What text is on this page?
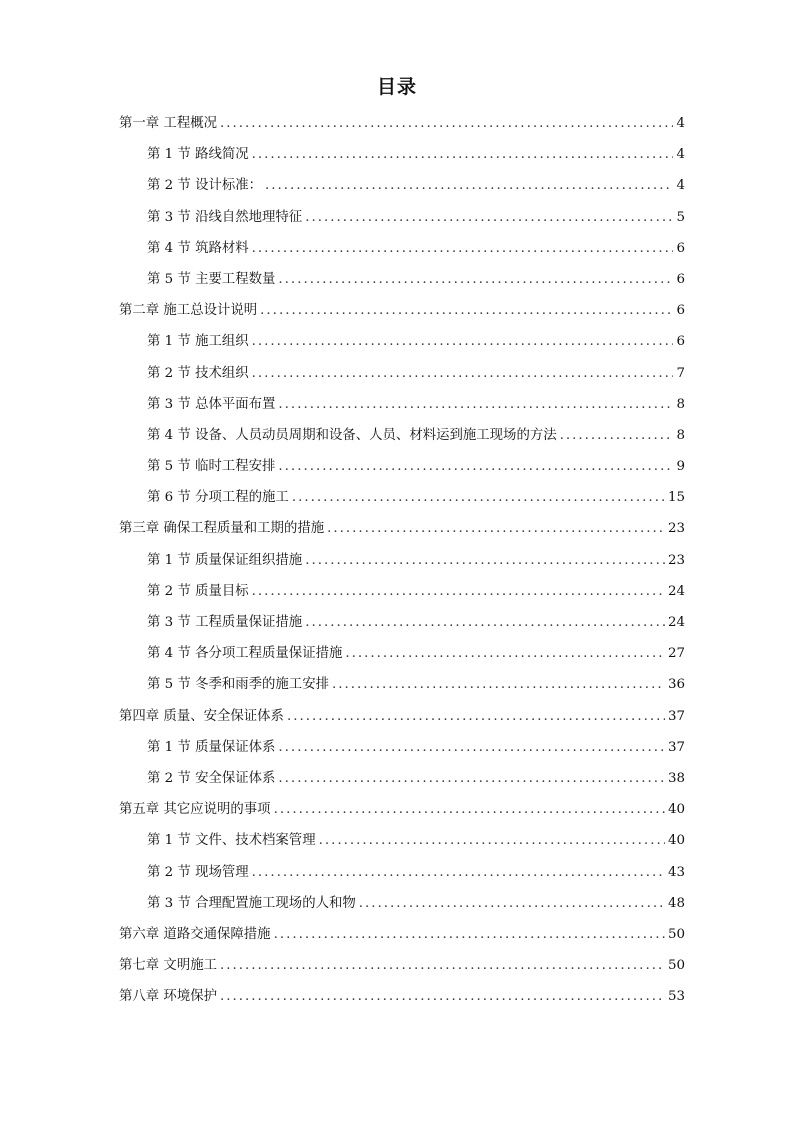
目录
第一章 工程概况 .....	4
第 1 节 路线简况 .....	4
第 2 节 设计标准： .....	4
第 3 节 沿线自然地理特征 .....	5
第 4 节 筑路材料 .....	6
第 5 节 主要工程数量 .....	6
第二章 施工总设计说明 .....	6
第 1 节 施工组织 .....	6
第 2 节 技术组织 .....	7
第 3 节 总体平面布置 .....	8
第 4 节 设备、人员动员周期和设备、人员、材料运到施工现场的方法 .....	8
第 5 节 临时工程安排 .....	9
第 6 节 分项工程的施工 .....	15
第三章 确保工程质量和工期的措施 .....	23
第 1 节 质量保证组织措施 .....	23
第 2 节 质量目标 .....	24
第 3 节 工程质量保证措施 .....	24
第 4 节 各分项工程质量保证措施 .....	27
第 5 节 冬季和雨季的施工安排 .....	36
第四章 质量、安全保证体系 .....	37
第 1 节 质量保证体系 .....	37
第 2 节 安全保证体系 .....	38
第五章 其它应说明的事项 .....	40
第 1 节 文件、技术档案管理 .....	40
第 2 节 现场管理 .....	43
第 3 节 合理配置施工现场的人和物 .....	48
第六章 道路交通保障措施 .....	50
第七章 文明施工 .....	50
第八章 环境保护 .....	53
